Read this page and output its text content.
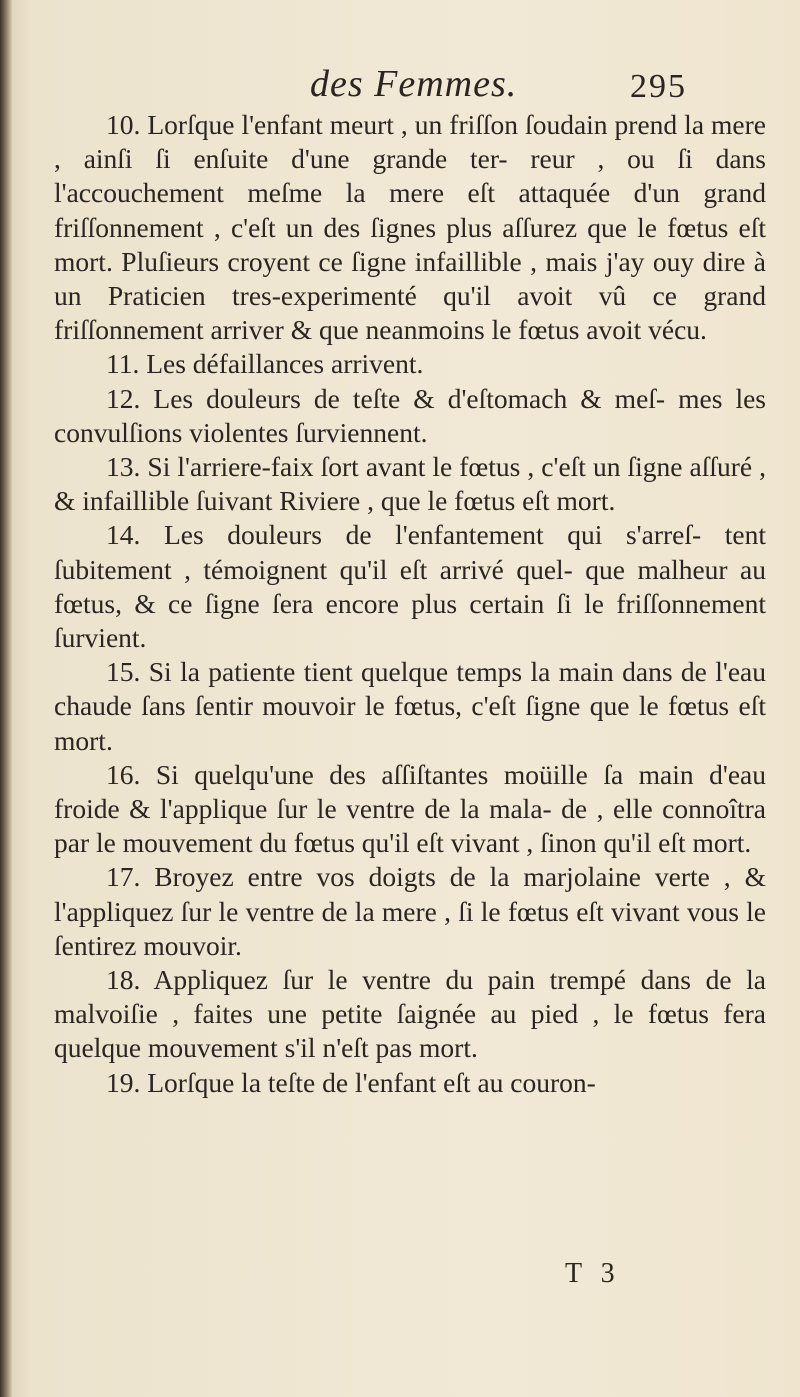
des Femmes.	295

10. Lorſque l'enfant meurt , un friſſon ſoudain prend la mere , ainſi ſi enſuite d'une grande ter- reur , ou ſi dans l'accouchement meſme la mere eſt attaquée d'un grand friſſonnement , c'eſt un des ſignes plus aſſurez que le fœtus eſt mort. Pluſieurs croyent ce ſigne infaillible , mais j'ay ouy dire à un Praticien tres-experimenté qu'il avoit vû ce grand friſſonnement arriver & que neanmoins le fœtus avoit vécu.

11. Les défaillances arrivent.

12. Les douleurs de teſte & d'eſtomach & meſ- mes les convulſions violentes ſurviennent.

13. Si l'arriere-faix ſort avant le fœtus , c'eſt un ſigne aſſuré , & infaillible ſuivant Riviere , que le fœtus eſt mort.

14. Les douleurs de l'enfantement qui s'arreſ- tent ſubitement , témoignent qu'il eſt arrivé quel- que malheur au fœtus, & ce ſigne ſera encore plus certain ſi le friſſonnement ſurvient.

15. Si la patiente tient quelque temps la main dans de l'eau chaude ſans ſentir mouvoir le fœtus, c'eſt ſigne que le fœtus eſt mort.

16. Si quelqu'une des aſſiſtantes moüille ſa main d'eau froide & l'applique ſur le ventre de la mala- de , elle connoîtra par le mouvement du fœtus qu'il eſt vivant , ſinon qu'il eſt mort.

17. Broyez entre vos doigts de la marjolaine verte , & l'appliquez ſur le ventre de la mere , ſi le fœtus eſt vivant vous le ſentirez mouvoir.

18. Appliquez ſur le ventre du pain trempé dans de la malvoiſie , faites une petite ſaignée au pied , le fœtus fera quelque mouvement s'il n'eſt pas mort.

19. Lorſque la teſte de l'enfant eſt au couron-

T 3
